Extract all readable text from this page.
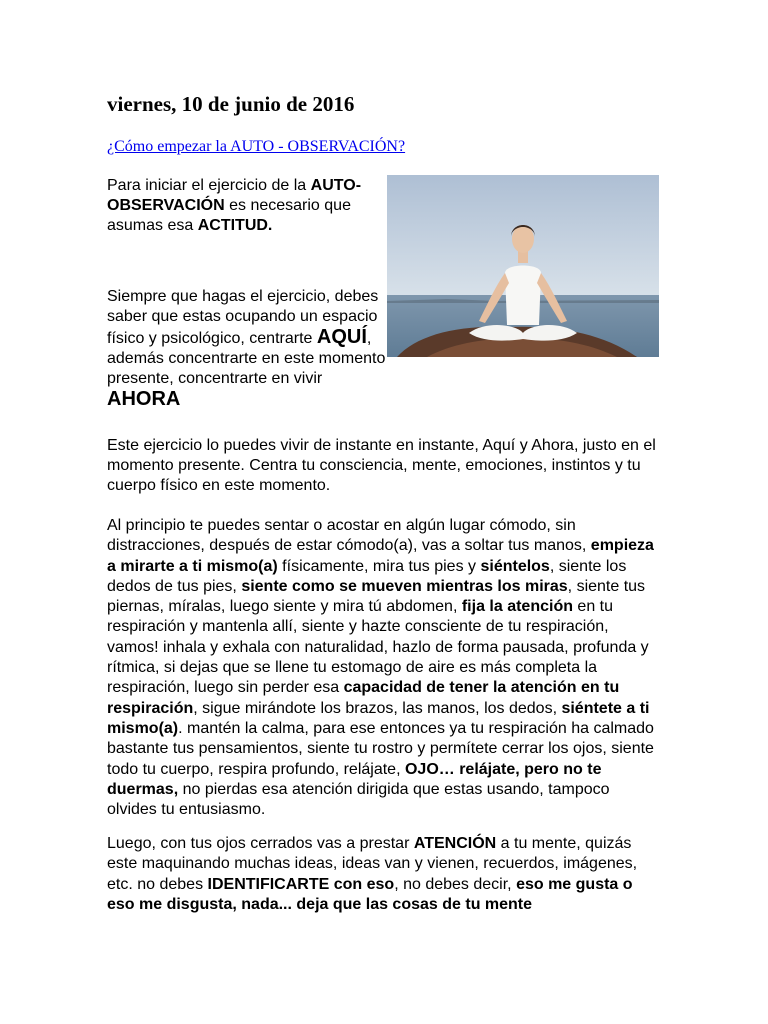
viernes, 10 de junio de 2016
¿Cómo empezar la AUTO - OBSERVACIÓN?

Para iniciar el ejercicio de la AUTO-OBSERVACIÓN es necesario que asumas esa ACTITUD.

Siempre que hagas el ejercicio, debes saber que estas ocupando un espacio físico y psicológico, centrarte AQUÍ, además concentrarte en este momento presente, concentrarte en vivir AHORA

Este ejercicio lo puedes vivir de instante en instante, Aquí y Ahora, justo en el momento presente. Centra tu consciencia, mente, emociones, instintos y tu cuerpo físico en este momento.

Al principio te puedes sentar o acostar en algún lugar cómodo, sin distracciones, después de estar cómodo(a), vas a soltar tus manos, empieza a mirarte a ti mismo(a) físicamente, mira tus pies y siéntelos, siente los dedos de tus pies, siente como se mueven mientras los miras, siente tus piernas, míralas, luego siente y mira tú abdomen, fija la atención en tu respiración y mantenla allí, siente y hazte consciente de tu respiración, vamos! inhala y exhala con naturalidad, hazlo de forma pausada, profunda y rítmica, si dejas que se llene tu estomago de aire es más completa la respiración, luego sin perder esa capacidad de tener la atención en tu respiración, sigue mirándote los brazos, las manos, los dedos, siéntete a ti mismo(a). mantén la calma, para ese entonces ya tu respiración ha calmado bastante tus pensamientos, siente tu rostro y permítete cerrar los ojos, siente todo tu cuerpo, respira profundo, relájate, OJO… relájate, pero no te duermas, no pierdas esa atención dirigida que estas usando, tampoco olvides tu entusiasmo.

Luego, con tus ojos cerrados vas a prestar ATENCIÓN a tu mente, quizás este maquinando muchas ideas, ideas van y vienen, recuerdos, imágenes, etc. no debes IDENTIFICARTE con eso, no debes decir, eso me gusta o eso me disgusta, nada... deja que las cosas de tu mente
